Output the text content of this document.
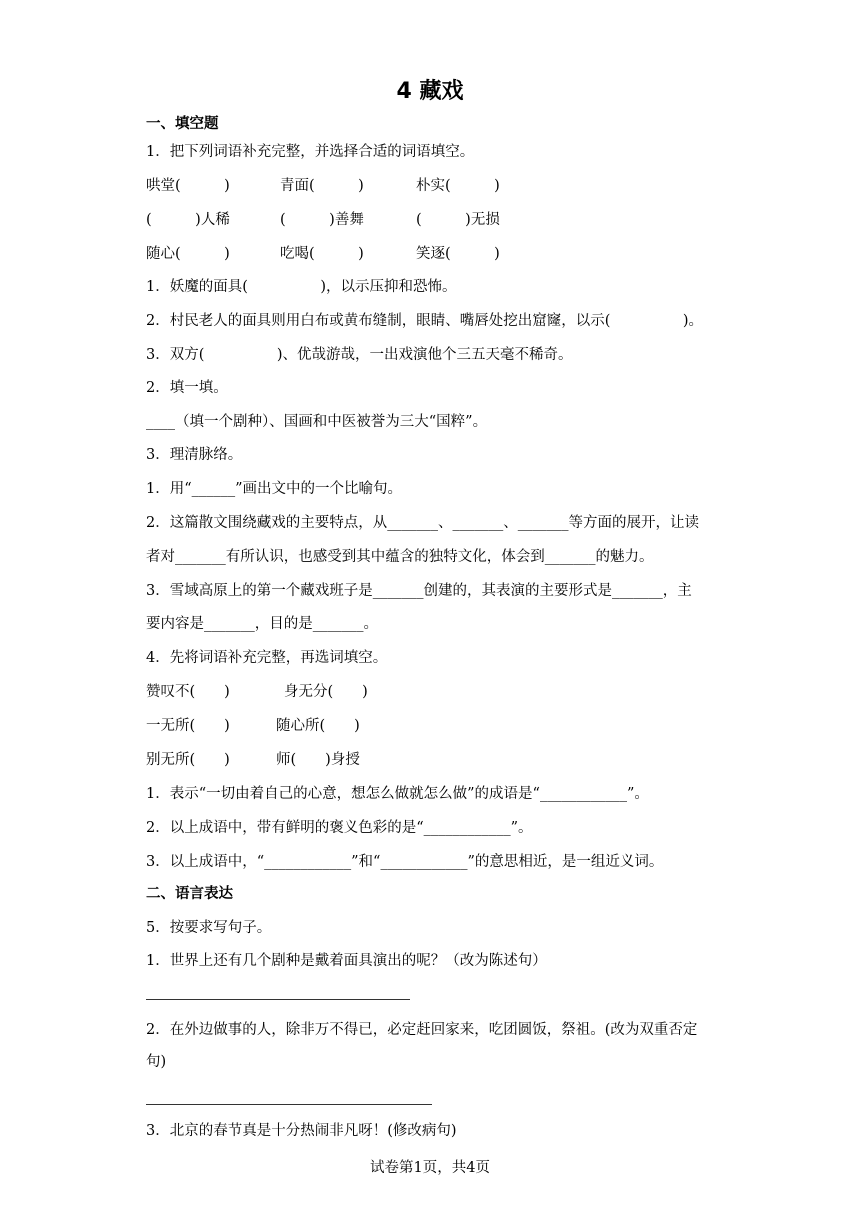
4 藏戏
一、填空题
1．把下列词语补充完整，并选择合适的词语填空。
哄堂(　　　)	青面(　　　)	朴实(　　　)
(　　　)人稀	(　　　)善舞	(　　　)无损
随心(　　　)	吃喝(　　　)	笑逐(　　　)
1．妖魔的面具(　　　　　)，以示压抑和恐怖。
2．村民老人的面具则用白布或黄布缝制，眼睛、嘴唇处挖出窟窿，以示(　　　　　)。
3．双方(　　　　　)、优哉游哉，一出戏演他个三五天毫不稀奇。
2．填一填。
____（填一个剧种）、国画和中医被誉为三大“国粹”。
3．理清脉络。
1．用“______”画出文中的一个比喻句。
2．这篇散文围绕藏戏的主要特点，从_______、_______、_______等方面的展开，让读
者对_______有所认识，也感受到其中蕴含的独特文化，体会到_______的魅力。
3．雪域高原上的第一个藏戏班子是_______创建的，其表演的主要形式是_______，主
要内容是_______，目的是_______。
4．先将词语补充完整，再选词填空。
赞叹不(　　)	身无分(　　)
一无所(　　)	随心所(　　)
别无所(　　)	师(　　)身授
1．表示“一切由着自己的心意，想怎么做就怎么做”的成语是“____________”。
2．以上成语中，带有鲜明的褒义色彩的是“____________”。
3．以上成语中，“____________”和“____________”的意思相近，是一组近义词。
二、语言表达
5．按要求写句子。
1．世界上还有几个剧种是戴着面具演出的呢？（改为陈述句）
2．在外边做事的人，除非万不得已，必定赶回家来，吃团圆饭，祭祖。(改为双重否定
句)
3．北京的春节真是十分热闹非凡呀！(修改病句)
试卷第1页，共4页
